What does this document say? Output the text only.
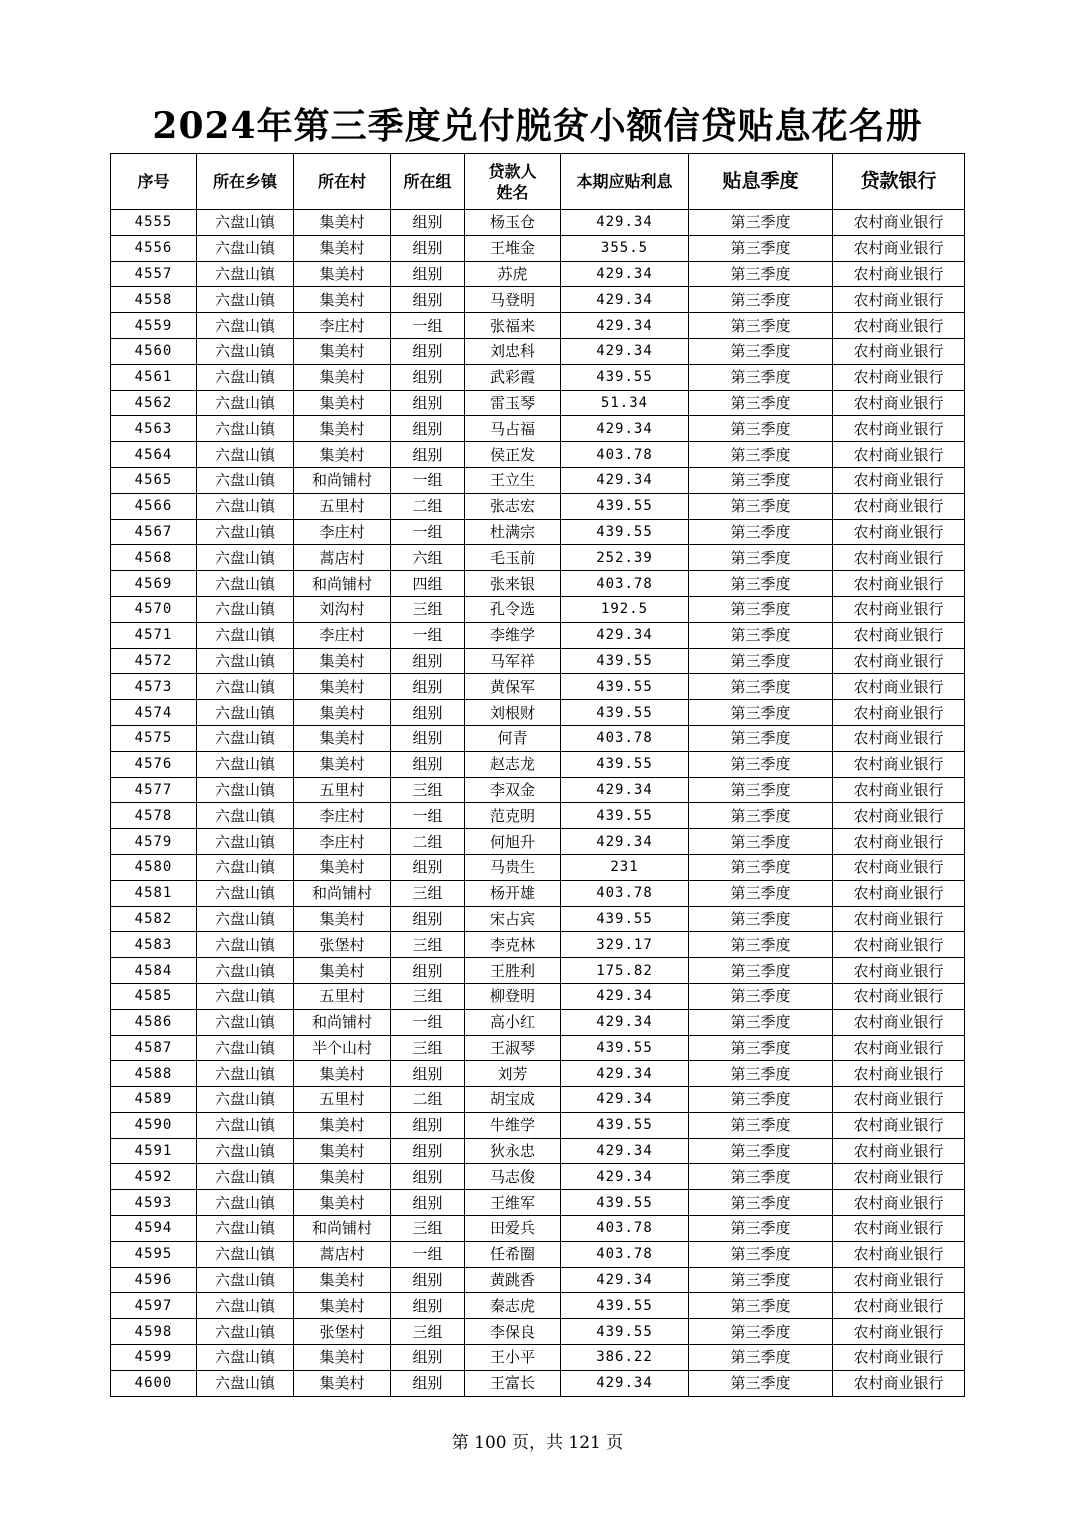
2024年第三季度兑付脱贫小额信贷贴息花名册
序号	所在乡镇	所在村	所在组	贷款人姓名	本期应贴利息	贴息季度	贷款银行
4555	六盘山镇	集美村	组别	杨玉仓	429.34	第三季度	农村商业银行
4556	六盘山镇	集美村	组别	王堆金	355.5	第三季度	农村商业银行
4557	六盘山镇	集美村	组别	苏虎	429.34	第三季度	农村商业银行
4558	六盘山镇	集美村	组别	马登明	429.34	第三季度	农村商业银行
4559	六盘山镇	李庄村	一组	张福来	429.34	第三季度	农村商业银行
4560	六盘山镇	集美村	组别	刘忠科	429.34	第三季度	农村商业银行
4561	六盘山镇	集美村	组别	武彩霞	439.55	第三季度	农村商业银行
4562	六盘山镇	集美村	组别	雷玉琴	51.34	第三季度	农村商业银行
4563	六盘山镇	集美村	组别	马占福	429.34	第三季度	农村商业银行
4564	六盘山镇	集美村	组别	侯正发	403.78	第三季度	农村商业银行
4565	六盘山镇	和尚铺村	一组	王立生	429.34	第三季度	农村商业银行
4566	六盘山镇	五里村	二组	张志宏	439.55	第三季度	农村商业银行
4567	六盘山镇	李庄村	一组	杜满宗	439.55	第三季度	农村商业银行
4568	六盘山镇	蒿店村	六组	毛玉前	252.39	第三季度	农村商业银行
4569	六盘山镇	和尚铺村	四组	张来银	403.78	第三季度	农村商业银行
4570	六盘山镇	刘沟村	三组	孔令选	192.5	第三季度	农村商业银行
4571	六盘山镇	李庄村	一组	李维学	429.34	第三季度	农村商业银行
4572	六盘山镇	集美村	组别	马军祥	439.55	第三季度	农村商业银行
4573	六盘山镇	集美村	组别	黄保军	439.55	第三季度	农村商业银行
4574	六盘山镇	集美村	组别	刘根财	439.55	第三季度	农村商业银行
4575	六盘山镇	集美村	组别	何青	403.78	第三季度	农村商业银行
4576	六盘山镇	集美村	组别	赵志龙	439.55	第三季度	农村商业银行
4577	六盘山镇	五里村	三组	李双金	429.34	第三季度	农村商业银行
4578	六盘山镇	李庄村	一组	范克明	439.55	第三季度	农村商业银行
4579	六盘山镇	李庄村	二组	何旭升	429.34	第三季度	农村商业银行
4580	六盘山镇	集美村	组别	马贵生	231	第三季度	农村商业银行
4581	六盘山镇	和尚铺村	三组	杨开雄	403.78	第三季度	农村商业银行
4582	六盘山镇	集美村	组别	宋占宾	439.55	第三季度	农村商业银行
4583	六盘山镇	张堡村	三组	李克林	329.17	第三季度	农村商业银行
4584	六盘山镇	集美村	组别	王胜利	175.82	第三季度	农村商业银行
4585	六盘山镇	五里村	三组	柳登明	429.34	第三季度	农村商业银行
4586	六盘山镇	和尚铺村	一组	高小红	429.34	第三季度	农村商业银行
4587	六盘山镇	半个山村	三组	王淑琴	439.55	第三季度	农村商业银行
4588	六盘山镇	集美村	组别	刘芳	429.34	第三季度	农村商业银行
4589	六盘山镇	五里村	二组	胡宝成	429.34	第三季度	农村商业银行
4590	六盘山镇	集美村	组别	牛维学	439.55	第三季度	农村商业银行
4591	六盘山镇	集美村	组别	狄永忠	429.34	第三季度	农村商业银行
4592	六盘山镇	集美村	组别	马志俊	429.34	第三季度	农村商业银行
4593	六盘山镇	集美村	组别	王维军	439.55	第三季度	农村商业银行
4594	六盘山镇	和尚铺村	三组	田爱兵	403.78	第三季度	农村商业银行
4595	六盘山镇	蒿店村	一组	任希圈	403.78	第三季度	农村商业银行
4596	六盘山镇	集美村	组别	黄跳香	429.34	第三季度	农村商业银行
4597	六盘山镇	集美村	组别	秦志虎	439.55	第三季度	农村商业银行
4598	六盘山镇	张堡村	三组	李保良	439.55	第三季度	农村商业银行
4599	六盘山镇	集美村	组别	王小平	386.22	第三季度	农村商业银行
4600	六盘山镇	集美村	组别	王富长	429.34	第三季度	农村商业银行
第 100 页，共 121 页
